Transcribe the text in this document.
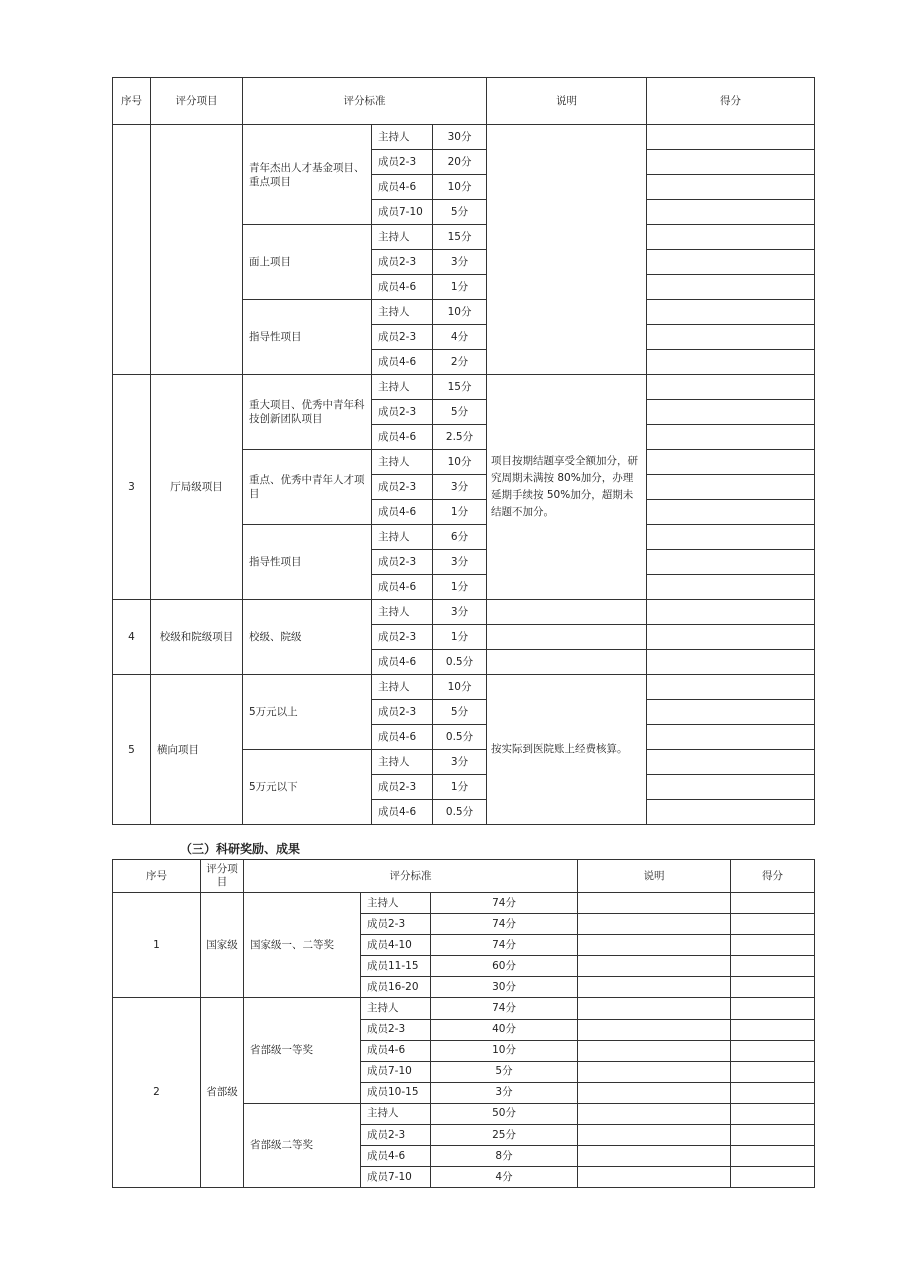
序号	评分项目	评分标准			说明	得分
		青年杰出人才基金项目、重点项目	主持人	30分		
			成员2-3	20分		
			成员4-6	10分		
			成员7-10	5分		
		面上项目	主持人	15分		
			成员2-3	3分		
			成员4-6	1分		
		指导性项目	主持人	10分		
			成员2-3	4分		
			成员4-6	2分		
3	厅局级项目	重大项目、优秀中青年科技创新团队项目	主持人	15分	项目按期结题享受全额加分，研究周期未满按 80%加分，办理延期手续按 50%加分，超期未结题不加分。	
			成员2-3	5分		
			成员4-6	2.5分		
		重点、优秀中青年人才项目	主持人	10分		
			成员2-3	3分		
			成员4-6	1分		
		指导性项目	主持人	6分		
			成员2-3	3分		
			成员4-6	1分		
4	校级和院级项目	校级、院级	主持人	3分		
			成员2-3	1分		
			成员4-6	0.5分		
5	横向项目	5万元以上	主持人	10分	按实际到医院账上经费核算。	
			成员2-3	5分		
			成员4-6	0.5分		
		5万元以下	主持人	3分		
			成员2-3	1分		
			成员4-6	0.5分		

（三）科研奖励、成果

序号	评分项目	评分标准			说明	得分
1	国家级	国家级一、二等奖	主持人	74分		
			成员2-3	74分		
			成员4-10	74分		
			成员11-15	60分		
			成员16-20	30分		
2	省部级	省部级一等奖	主持人	74分		
			成员2-3	40分		
			成员4-6	10分		
			成员7-10	5分		
			成员10-15	3分		
		省部级二等奖	主持人	50分		
			成员2-3	25分		
			成员4-6	8分		
			成员7-10	4分		
